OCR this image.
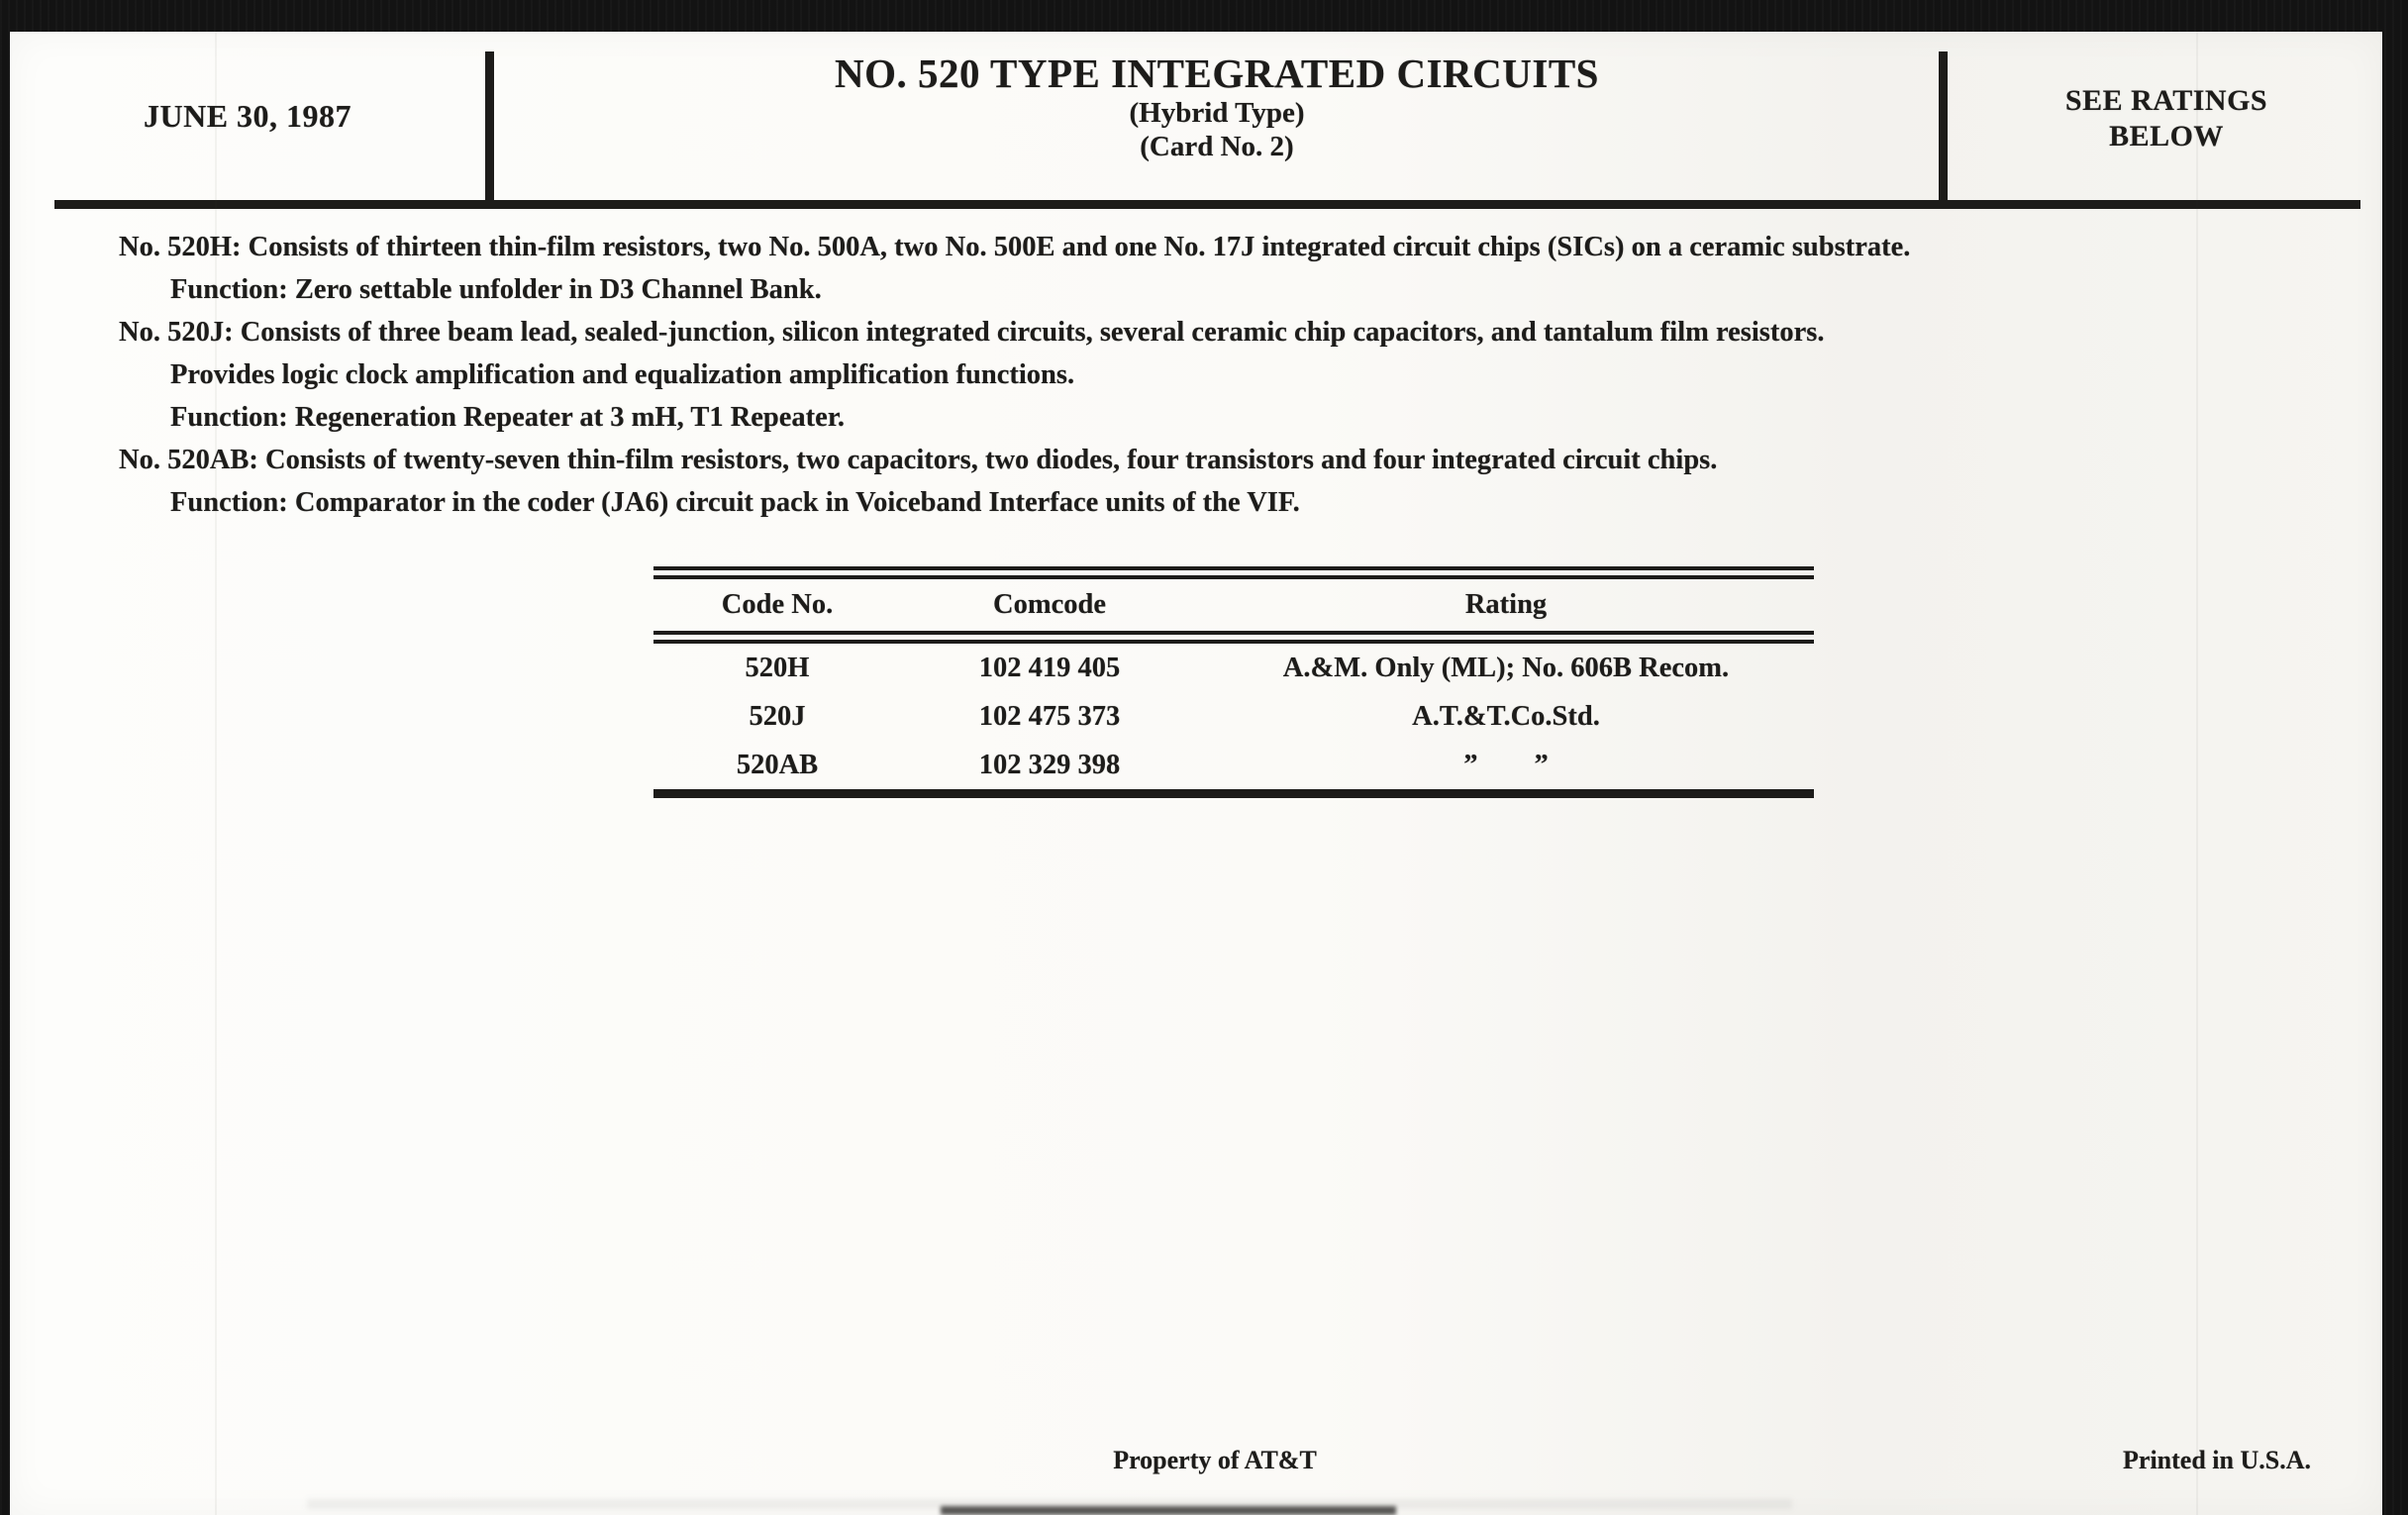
JUNE 30, 1987
NO. 520 TYPE INTEGRATED CIRCUITS
(Hybrid Type)
(Card No. 2)
SEE RATINGS
BELOW
No. 520H: Consists of thirteen thin-film resistors, two No. 500A, two No. 500E and one No. 17J integrated circuit chips (SICs) on a ceramic substrate.
Function: Zero settable unfolder in D3 Channel Bank.
No. 520J: Consists of three beam lead, sealed-junction, silicon integrated circuits, several ceramic chip capacitors, and tantalum film resistors.
Provides logic clock amplification and equalization amplification functions.
Function: Regeneration Repeater at 3 mH, T1 Repeater.
No. 520AB: Consists of twenty-seven thin-film resistors, two capacitors, two diodes, four transistors and four integrated circuit chips.
Function: Comparator in the coder (JA6) circuit pack in Voiceband Interface units of the VIF.
Code No.	Comcode	Rating
520H	102 419 405	A.&M. Only (ML); No. 606B Recom.
520J	102 475 373	A.T.&T.Co.Std.
520AB	102 329 398	”  ”
Property of AT&T	Printed in U.S.A.
